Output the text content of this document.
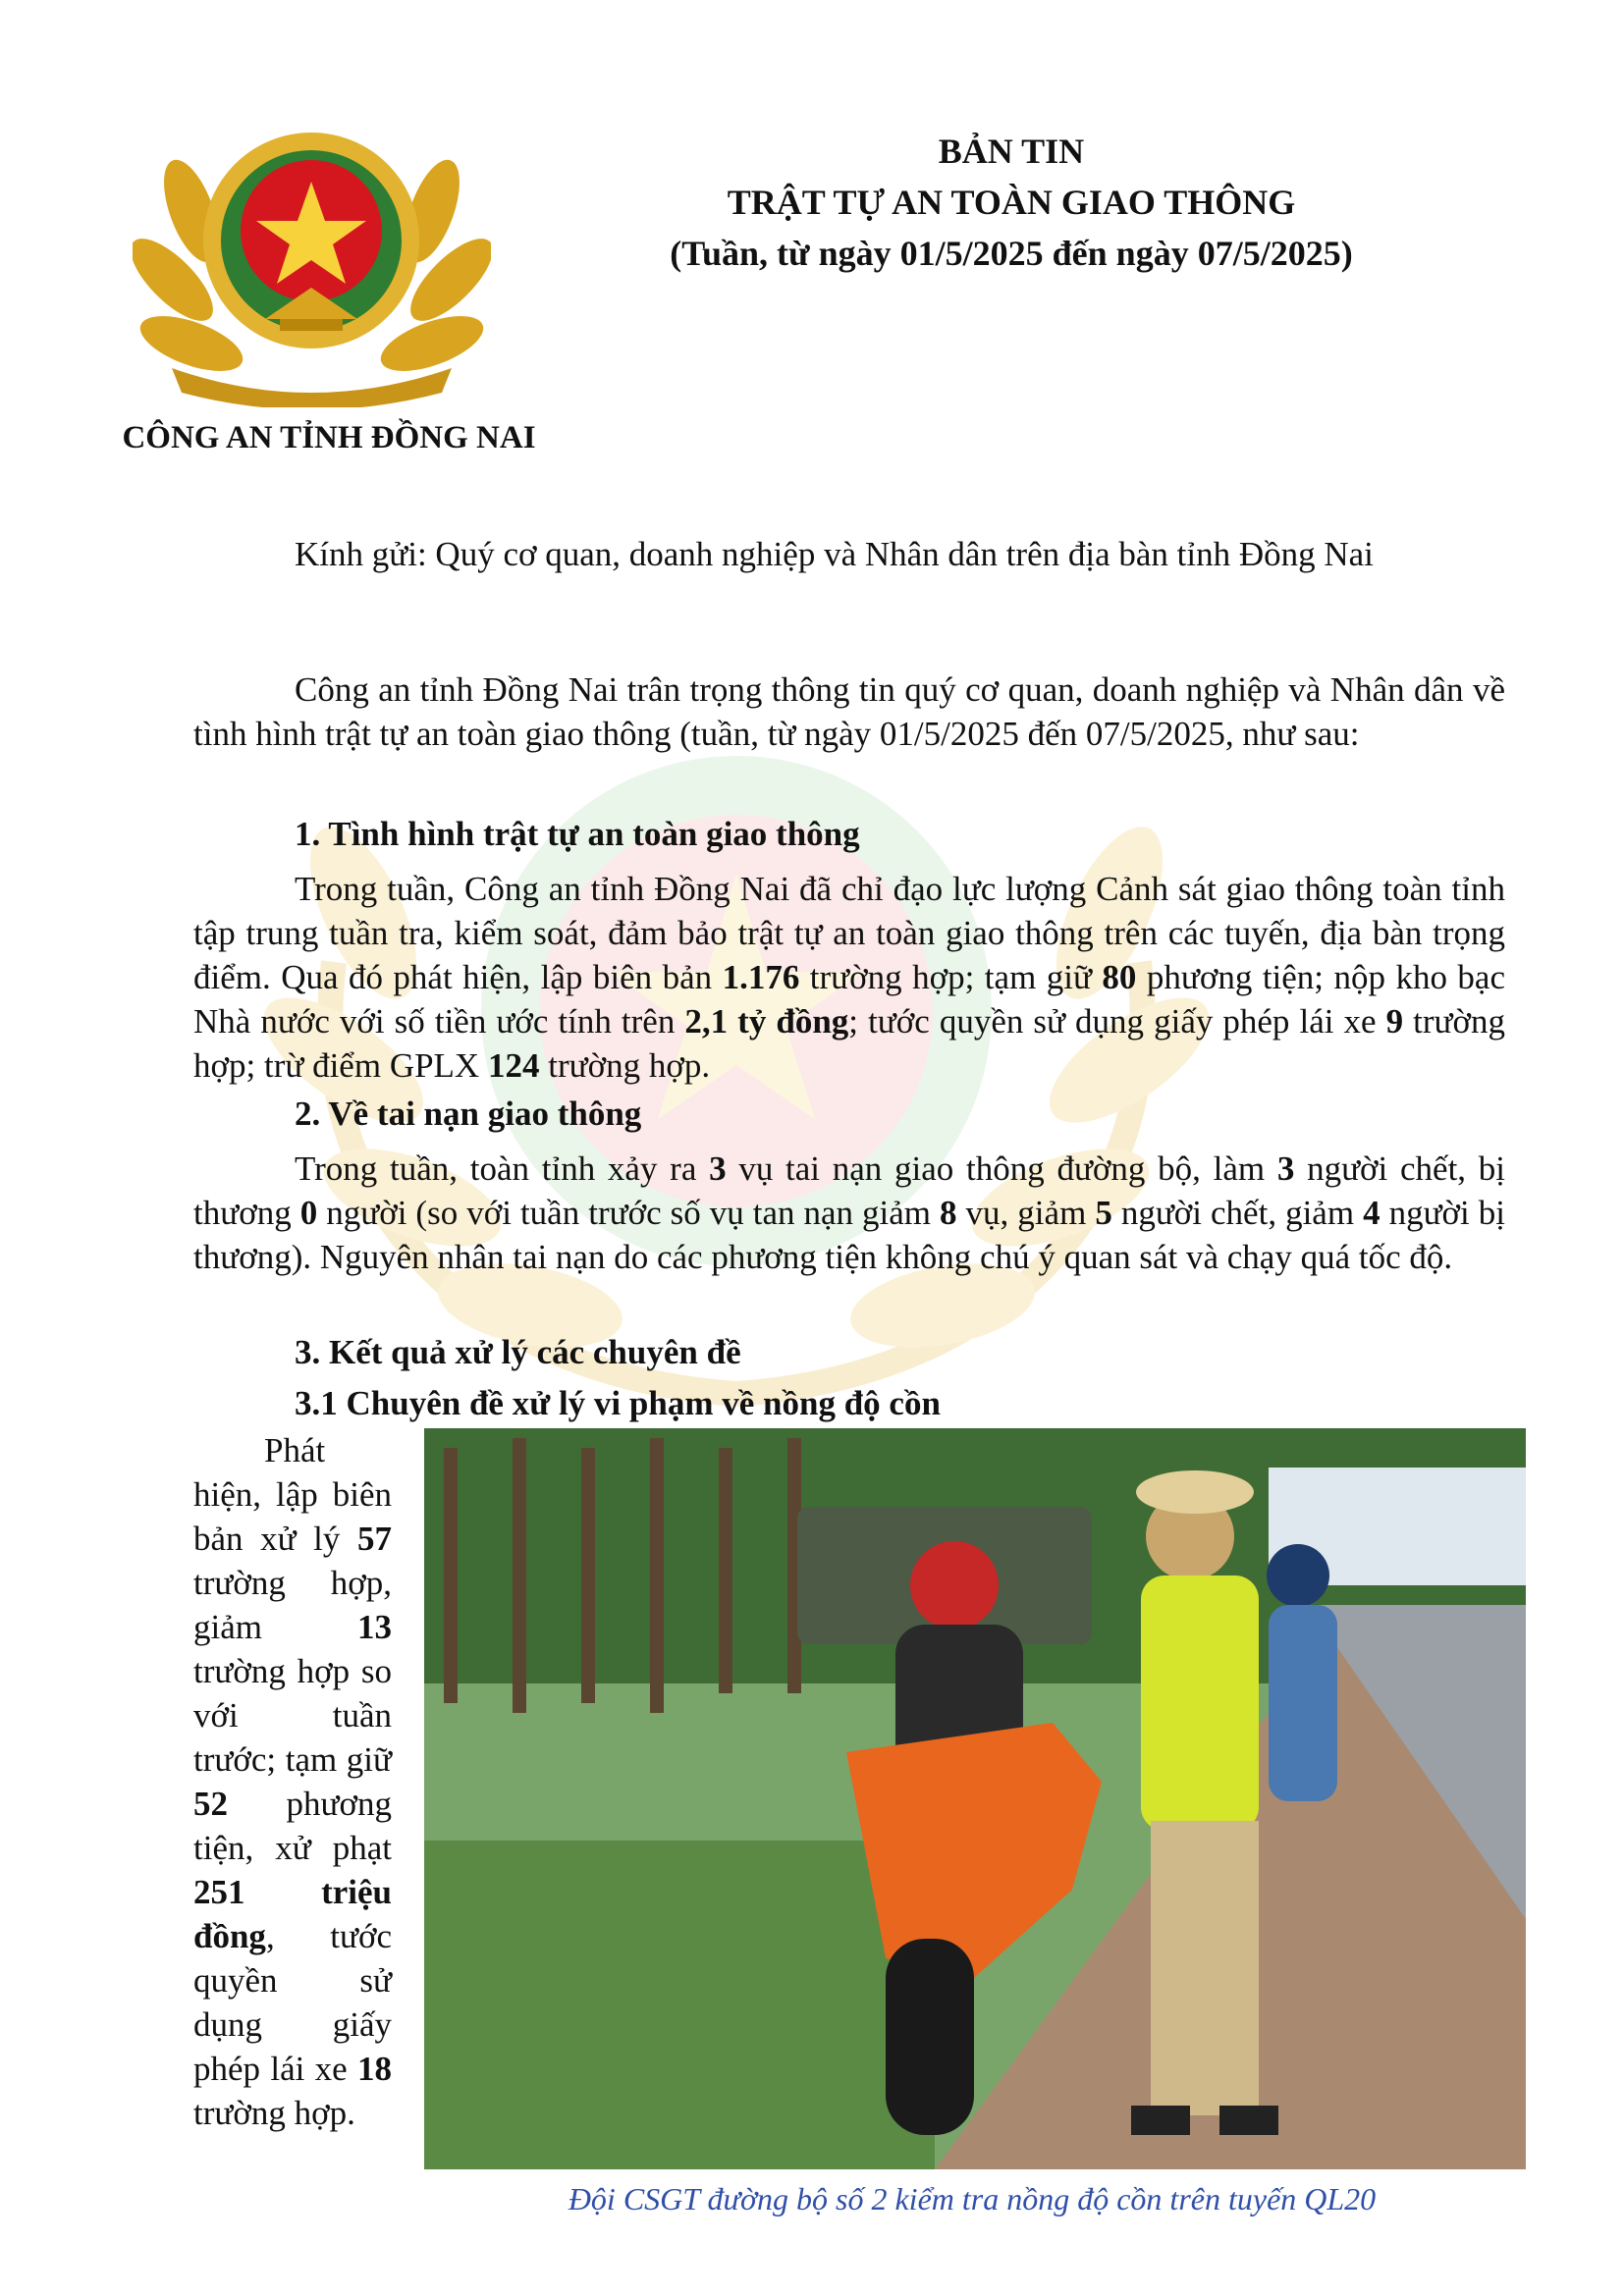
CÔNG AN TỈNH ĐỒNG NAI
BẢN TIN
TRẬT TỰ AN TOÀN GIAO THÔNG
(Tuần, từ ngày 01/5/2025 đến ngày 07/5/2025)
Kính gửi: Quý cơ quan, doanh nghiệp và Nhân dân trên địa bàn tỉnh Đồng Nai
Công an tỉnh Đồng Nai trân trọng thông tin quý cơ quan, doanh nghiệp và Nhân dân về tình hình trật tự an toàn giao thông (tuần, từ ngày 01/5/2025 đến 07/5/2025, như sau:
1. Tình hình trật tự an toàn giao thông
Trong tuần, Công an tỉnh Đồng Nai đã chỉ đạo lực lượng Cảnh sát giao thông toàn tỉnh tập trung tuần tra, kiểm soát, đảm bảo trật tự an toàn giao thông trên các tuyến, địa bàn trọng điểm. Qua đó phát hiện, lập biên bản 1.176 trường hợp; tạm giữ 80 phương tiện; nộp kho bạc Nhà nước với số tiền ước tính trên 2,1 tỷ đồng; tước quyền sử dụng giấy phép lái xe 9 trường hợp; trừ điểm GPLX 124 trường hợp.
2. Về tai nạn giao thông
Trong tuần, toàn tỉnh xảy ra 3 vụ tai nạn giao thông đường bộ, làm 3 người chết, bị thương 0 người (so với tuần trước số vụ tan nạn giảm 8 vụ, giảm 5 người chết, giảm 4 người bị thương). Nguyên nhân tai nạn do các phương tiện không chú ý quan sát và chạy quá tốc độ.
3. Kết quả xử lý các chuyên đề
3.1 Chuyên đề xử lý vi phạm về nồng độ cồn
Phát hiện, lập biên bản xử lý 57 trường hợp, giảm 13 trường hợp so với tuần trước; tạm giữ 52 phương tiện, xử phạt 251 triệu đồng, tước quyền sử dụng giấy phép lái xe 18 trường hợp.
Đội CSGT đường bộ số 2 kiểm tra nồng độ cồn trên tuyến QL20
